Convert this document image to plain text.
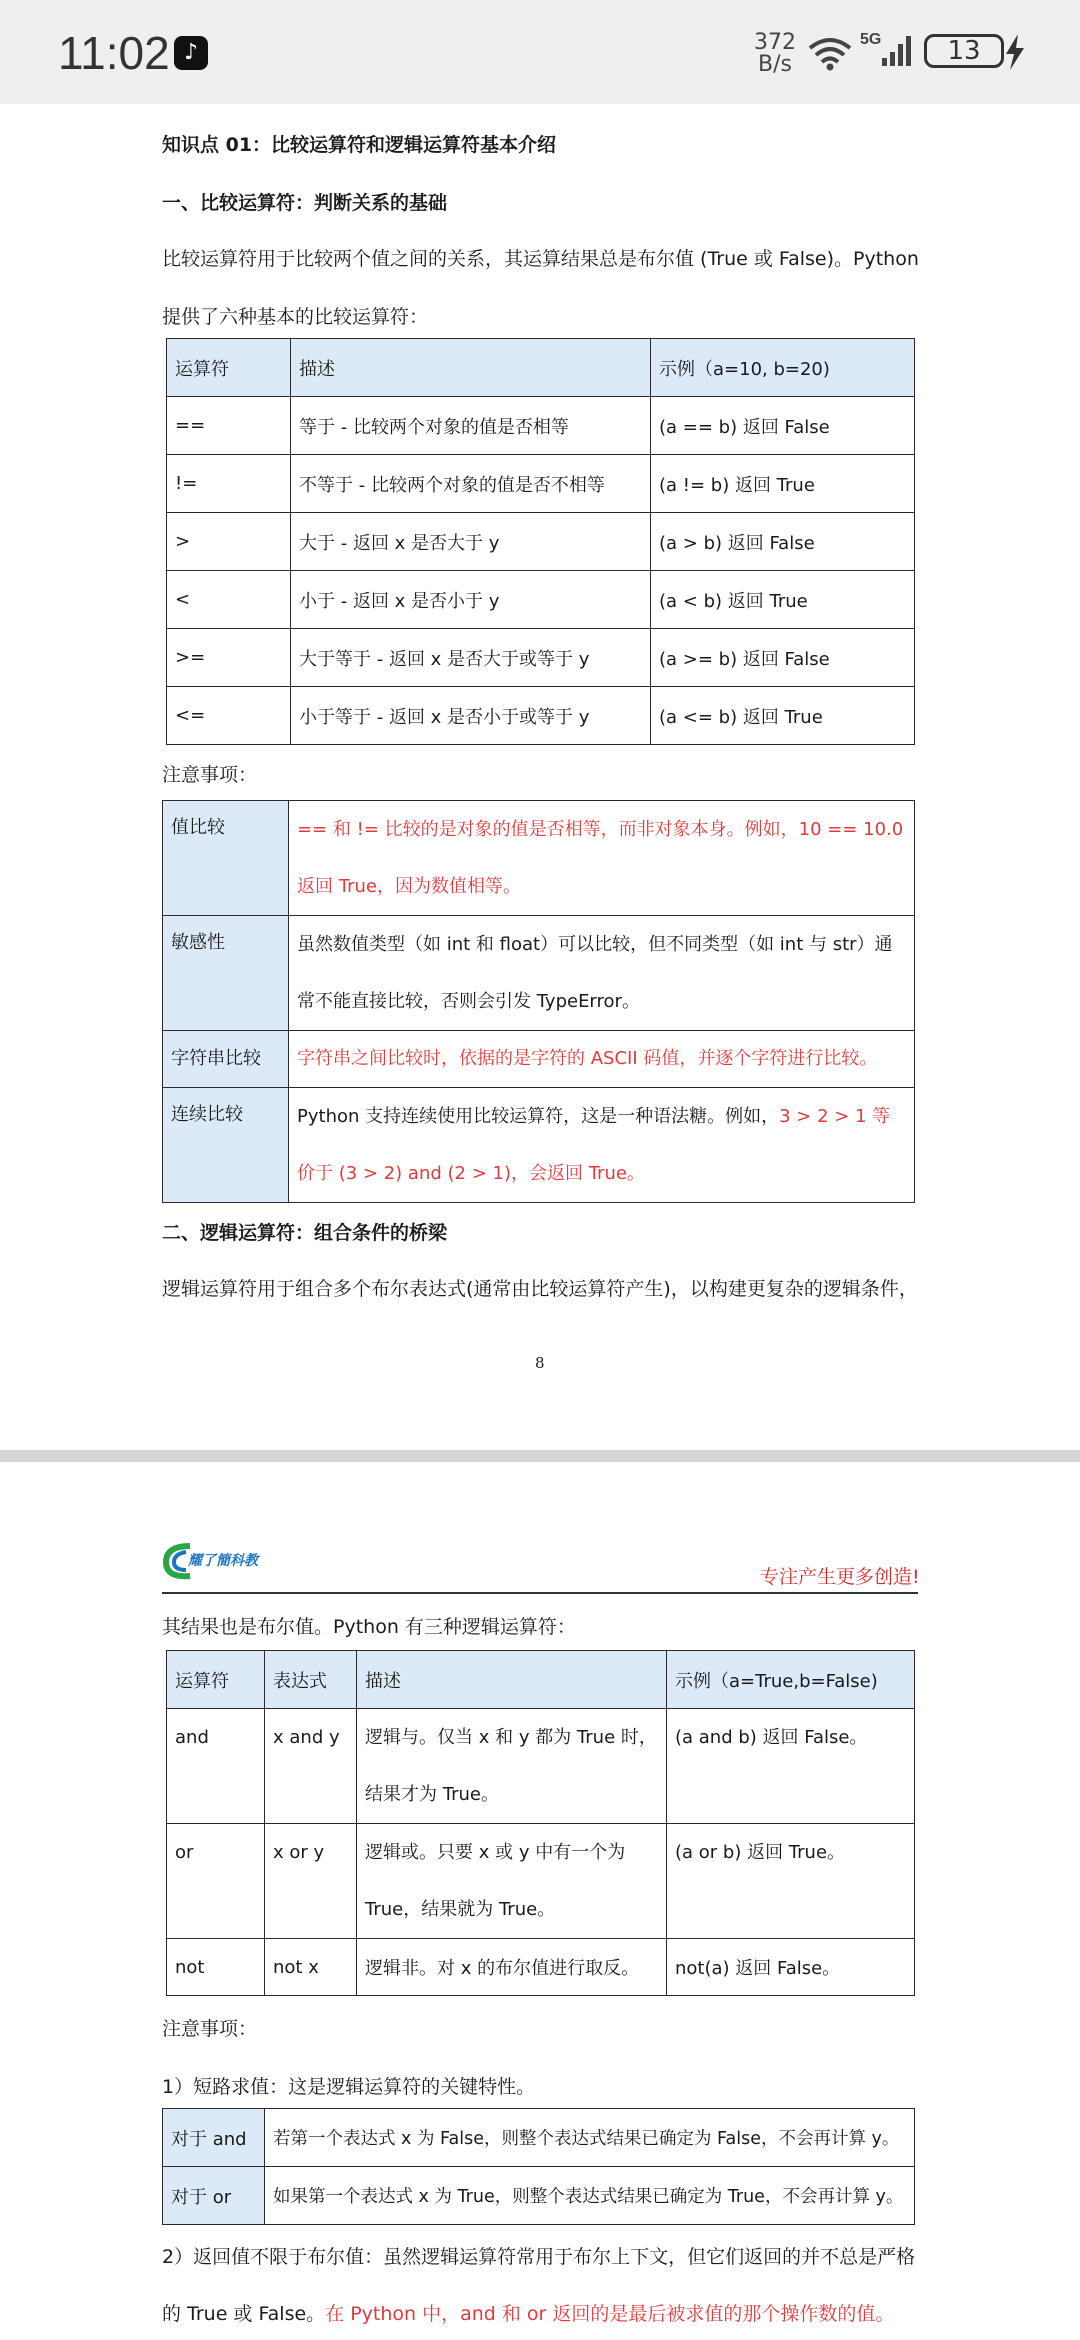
11:02 ♪	372
B/s
5G	13
知识点 01：比较运算符和逻辑运算符基本介绍
一、比较运算符：判断关系的基础
比较运算符用于比较两个值之间的关系，其运算结果总是布尔值 (True 或 False)。Python
提供了六种基本的比较运算符：
运算符	描述	示例（a=10, b=20)
==	等于 - 比较两个对象的值是否相等	(a == b) 返回 False
!=	不等于 - 比较两个对象的值是否不相等	(a != b) 返回 True
>	大于 - 返回 x 是否大于 y	(a > b) 返回 False
<	小于 - 返回 x 是否小于 y	(a < b) 返回 True
>=	大于等于 - 返回 x 是否大于或等于 y	(a >= b) 返回 False
<=	小于等于 - 返回 x 是否小于或等于 y	(a <= b) 返回 True
注意事项：
值比较	== 和 != 比较的是对象的值是否相等，而非对象本身。例如，10 == 10.0
返回 True，因为数值相等。

敏感性	虽然数值类型（如 int 和 float）可以比较，但不同类型（如 int 与 str）通
常不能直接比较，否则会引发 TypeError。

字符串比较	字符串之间比较时，依据的是字符的 ASCII 码值，并逐个字符进行比较。
连续比较	Python 支持连续使用比较运算符，这是一种语法糖。例如，3 > 2 > 1 等
价于 (3 > 2) and (2 > 1)，会返回 True。
二、逻辑运算符：组合条件的桥梁
逻辑运算符用于组合多个布尔表达式(通常由比较运算符产生)，以构建更复杂的逻辑条件，
8
耀了簡科教
专注产生更多创造!
其结果也是布尔值。Python 有三种逻辑运算符：
运算符	表达式	描述	示例（a=True,b=False)
and	x and y	逻辑与。仅当 x 和 y 都为 True 时，
结果才为 True。	(a and b) 返回 False。
or	x or y	逻辑或。只要 x 或 y 中有一个为
True，结果就为 True。	(a or b) 返回 True。
not	not x	逻辑非。对 x 的布尔值进行取反。	not(a) 返回 False。
注意事项：
1）短路求值：这是逻辑运算符的关键特性。
对于 and	若第一个表达式 x 为 False，则整个表达式结果已确定为 False，不会再计算 y。
对于 or	如果第一个表达式 x 为 True，则整个表达式结果已确定为 True，不会再计算 y。
2）返回值不限于布尔值：虽然逻辑运算符常用于布尔上下文，但它们返回的并不总是严格
的 True 或 False。在 Python 中，and 和 or 返回的是最后被求值的那个操作数的值。
